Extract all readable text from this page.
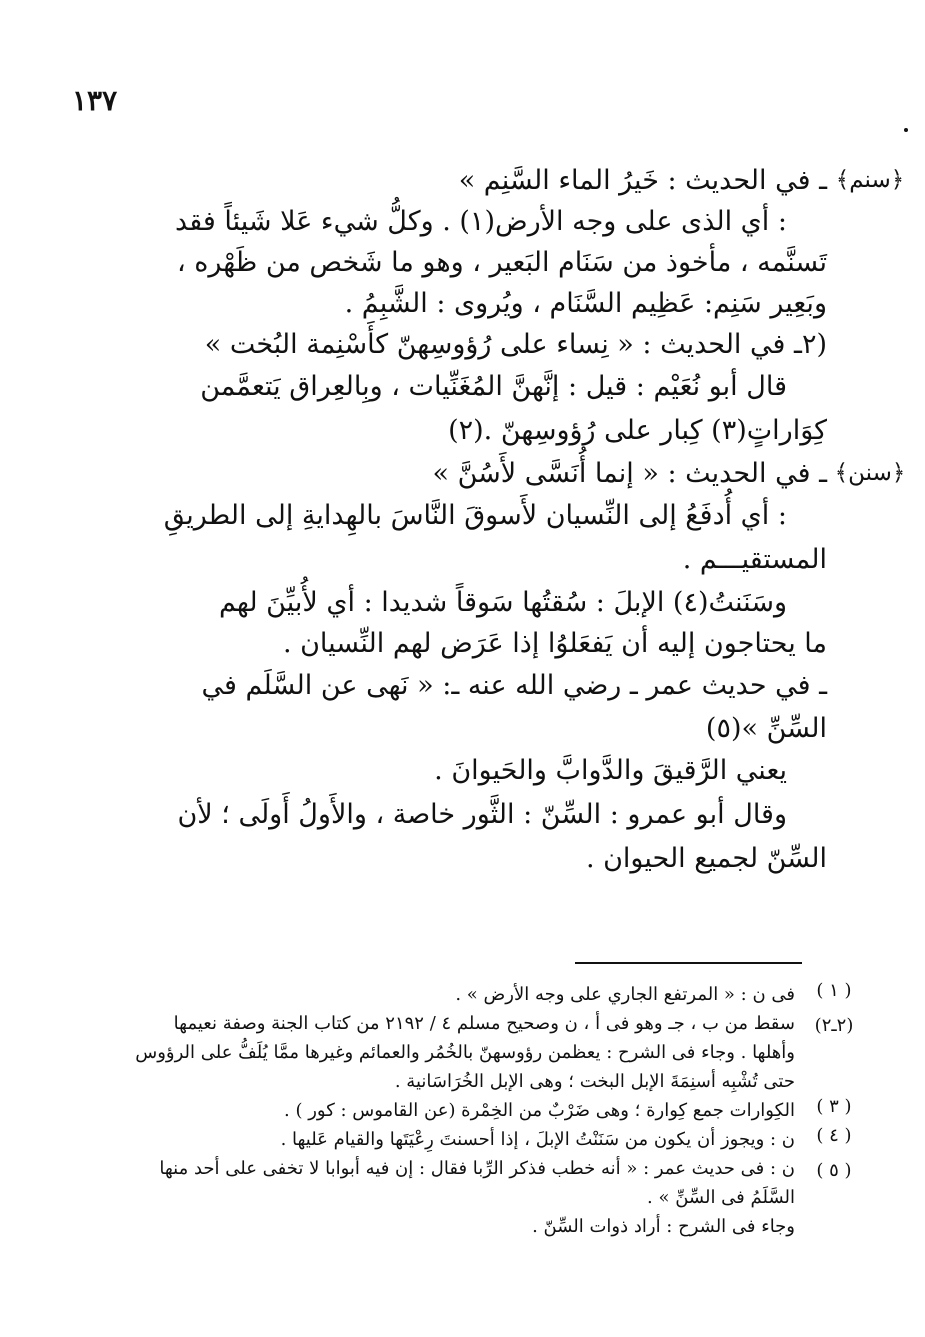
١٣٧
﴿سنم﴾
ـ في الحديث : خَيرُ الماء السَّنِم »
: أي الذى على وجه الأرض(١) . وكلُّ شيء عَلا شَيئاً فقد
تَسنَّمه ، مأخوذ من سَنَام البَعير ، وهو ما شَخص من ظَهْره ،
وبَعِير سَنِم: عَظِيم السَّنَام ، ويُروى : الشَّبِمُ .
(٢ـ في الحديث : « نِساء على رُؤوسِهنّ كأَسْنِمة البُخت »
قال أبو نُعَيْم : قيل : إنَّهنَّ المُغَنِّيات ، وبِالعِراق يَتعمَّمن
كِوَاراتٍ(٣) كِبار على رُؤوسِهنّ .(٢)
﴿سنن﴾
ـ في الحديث : « إنما أُنَسَّى لأَسُنَّ »
: أي أُدفَعُ إلى النِّسيان لأَسوقَ النَّاسَ بالهِدايةِ إلى الطريقِ
المستقيـــم .
وسَنَنتُ(٤) الإبلَ : سُقتُها سَوقاً شديدا : أي لأُبيِّنَ لهم
ما يحتاجون إليه أن يَفعَلوُا إذا عَرَض لهم النِّسيان .
ـ في حديث عمر ـ رضي الله عنه ـ: « نَهى عن السَّلَم في
السِّنِّ »(٥)
يعني الرَّقيقَ والدَّوابَّ والحَيوانَ .
وقال أبو عمرو : السِّنّ : الثَّور خاصة ، والأَولُ أَولَى ؛ لأن
السِّنّ لجميع الحيوان .
( ١ )
فى ن : « المرتفع الجاري على وجه الأرض » .
(٢ـ٢)
سقط من ب ، جـ وهو فى أ ، ن وصحيح مسلم ٤ / ٢١٩٢ من كتاب الجنة وصفة نعيمها
وأهلها . وجاء فى الشرح : يعظمن رؤوسهنّ بالخُمُر والعمائم وغيرها ممَّا يُلَفُّ على الرؤوس
حتى تُشْبِه أسنِمَةَ الإبل البخت ؛ وهى الإبل الخُرَاسَانية .
( ٣ )
الكِوارات جمع كِوارة ؛ وهى ضَرْبٌ من الخِمْرة (عن القاموس : كور ) .
( ٤ )
ن : ويجوز أن يكون من سَنَنْتُ الإبلَ ، إذا أحسنتَ رِعْيَتَها والقيام عَليها .
( ٥ )
ن : فى حديث عمر : « أنه خطب فذكر الرِّبا فقال : إن فيه أبوابا لا تخفى على أحد منها
السَّلَمُ فى السِّنِّ » .
وجاء فى الشرح : أراد ذوات السِّنّ .
